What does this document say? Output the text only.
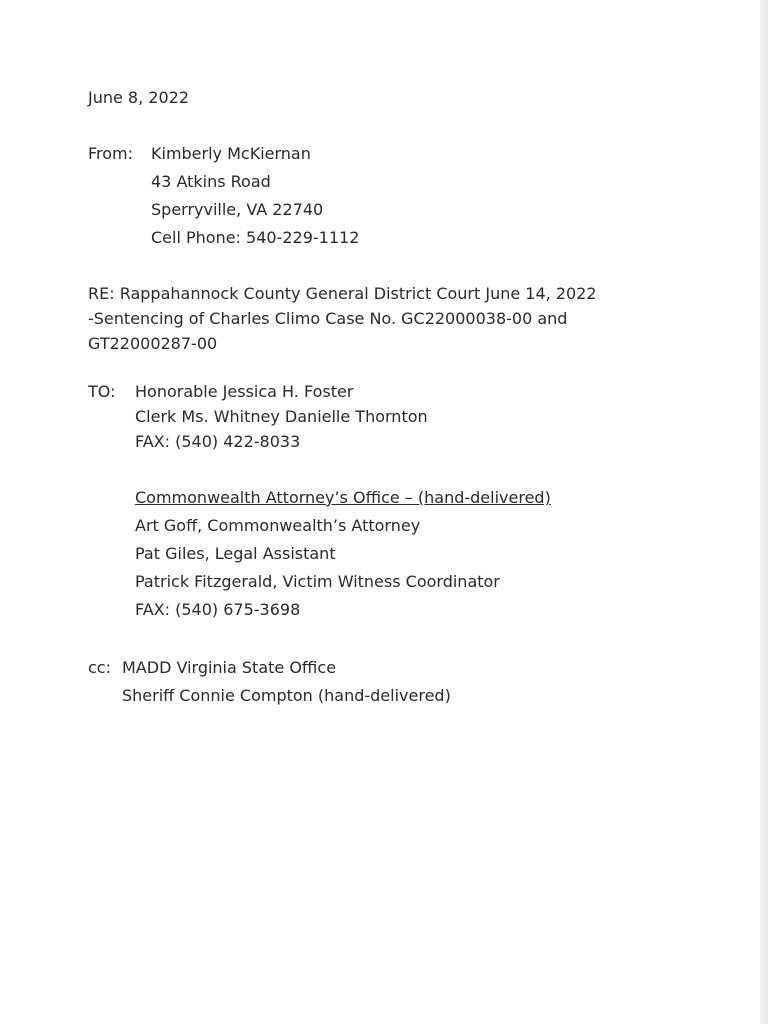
June 8, 2022
From: Kimberly McKiernan
43 Atkins Road
Sperryville, VA 22740
Cell Phone: 540-229-1112
RE: Rappahannock County General District Court June 14, 2022
-Sentencing of Charles Climo Case No. GC22000038-00 and
GT22000287-00
TO: Honorable Jessica H. Foster
Clerk Ms. Whitney Danielle Thornton
FAX: (540) 422-8033
Commonwealth Attorney’s Office – (hand-delivered)
Art Goff, Commonwealth’s Attorney
Pat Giles, Legal Assistant
Patrick Fitzgerald, Victim Witness Coordinator
FAX: (540) 675-3698
cc: MADD Virginia State Office
Sheriff Connie Compton (hand-delivered)
